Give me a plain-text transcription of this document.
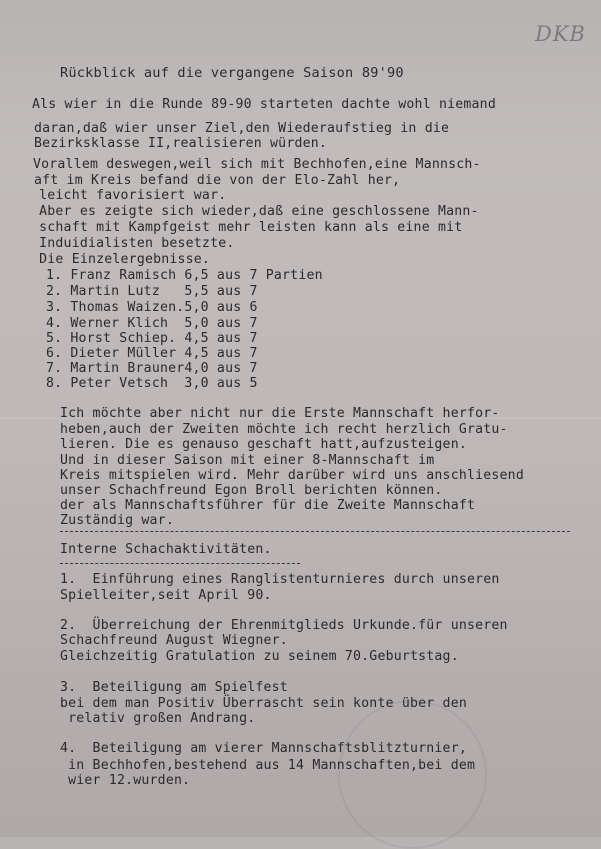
DKB
Rückblick auf die vergangene Saison 89'90
Als wier in die Runde 89-90 starteten dachte wohl niemand
daran,daß wier unser Ziel,den Wiederaufstieg in die
Bezirksklasse II,realisieren würden.
Vorallem deswegen,weil sich mit Bechhofen,eine Mannsch-
aft im Kreis befand die von der Elo-Zahl her,
leicht favorisiert war.
Aber es zeigte sich wieder,daß eine geschlossene Mann-
schaft mit Kampfgeist mehr leisten kann als eine mit
Induidialisten besetzte.
Die Einzelergebnisse.
1. Franz Ramisch 6,5 aus 7 Partien
2. Martin Lutz   5,5 aus 7
3. Thomas Waizen.5,0 aus 6
4. Werner Klich  5,0 aus 7
5. Horst Schiep. 4,5 aus 7
6. Dieter Müller 4,5 aus 7
7. Martin Brauner4,0 aus 7
8. Peter Vetsch  3,0 aus 5
Ich möchte aber nicht nur die Erste Mannschaft herfor-
heben,auch der Zweiten möchte ich recht herzlich Gratu-
lieren. Die es genauso geschaft hatt,aufzusteigen.
Und in dieser Saison mit einer 8-Mannschaft im
Kreis mitspielen wird. Mehr darüber wird uns anschliesend
unser Schachfreund Egon Broll berichten können.
der als Mannschaftsführer für die Zweite Mannschaft
Zuständig war.
Interne Schachaktivitäten.
1.  Einführung eines Ranglistenturnieres durch unseren
Spielleiter,seit April 90.
2.  Überreichung der Ehrenmitglieds Urkunde.für unseren
Schachfreund August Wiegner.
Gleichzeitig Gratulation zu seinem 70.Geburtstag.
3.  Beteiligung am Spielfest
bei dem man Positiv Überrascht sein konte über den
relativ großen Andrang.
4.  Beteiligung am vierer Mannschaftsblitzturnier,
in Bechhofen,bestehend aus 14 Mannschaften,bei dem
wier 12.wurden.
